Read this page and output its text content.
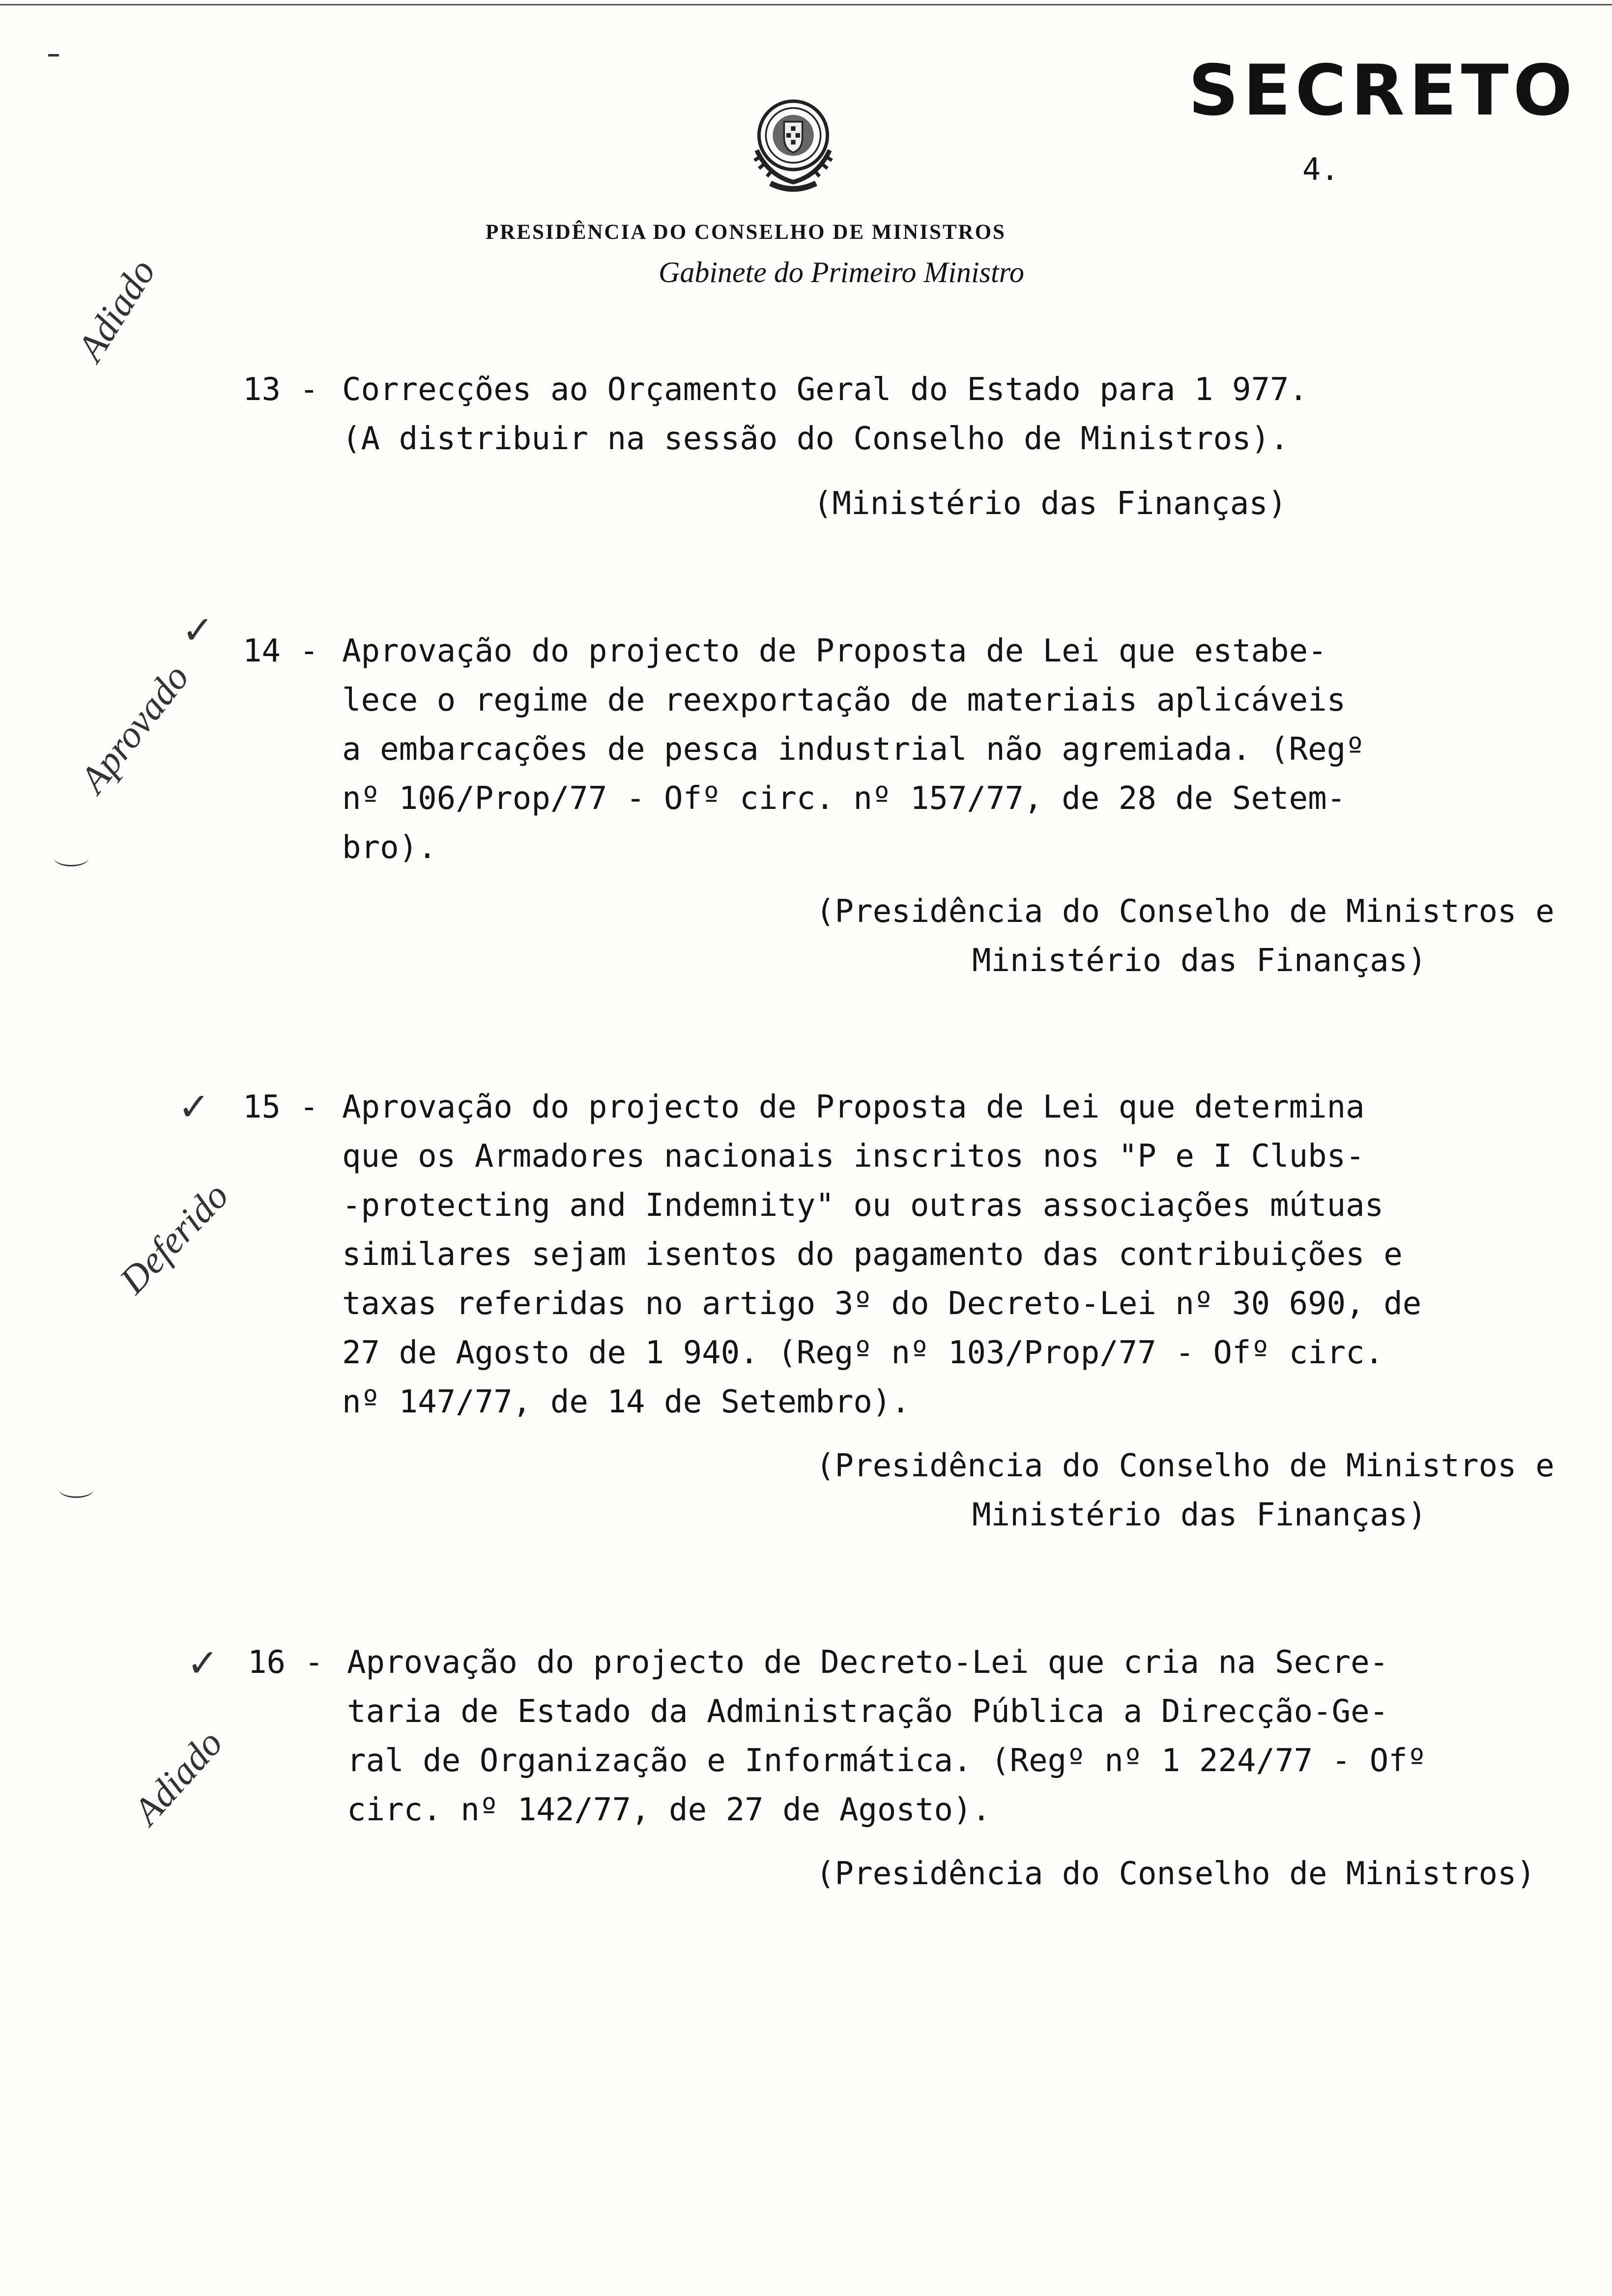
SECRETO
4.
PRESIDÊNCIA DO CONSELHO DE MINISTROS
Gabinete do Primeiro Ministro
Adiado
13 - Correcções ao Orçamento Geral do Estado para 1 977.
(A distribuir na sessão do Conselho de Ministros).
(Ministério das Finanças)
✓
Aprovado
14 - Aprovação do projecto de Proposta de Lei que estabe-
lece o regime de reexportação de materiais aplicáveis
a embarcações de pesca industrial não agremiada. (Regº
nº 106/Prop/77 - Ofº circ. nº 157/77, de 28 de Setem-
bro).
(Presidência do Conselho de Ministros e
Ministério das Finanças)
✓
Deferido
15 - Aprovação do projecto de Proposta de Lei que determina
que os Armadores nacionais inscritos nos "P e I Clubs-
-protecting and Indemnity" ou outras associações mútuas
similares sejam isentos do pagamento das contribuições e
taxas referidas no artigo 3º do Decreto-Lei nº 30 690, de
27 de Agosto de 1 940. (Regº nº 103/Prop/77 - Ofº circ.
nº 147/77, de 14 de Setembro).
(Presidência do Conselho de Ministros e
Ministério das Finanças)
✓
Adiado
16 - Aprovação do projecto de Decreto-Lei que cria na Secre-
taria de Estado da Administração Pública a Direcção-Ge-
ral de Organização e Informática. (Regº nº 1 224/77 - Ofº
circ. nº 142/77, de 27 de Agosto).
(Presidência do Conselho de Ministros)
